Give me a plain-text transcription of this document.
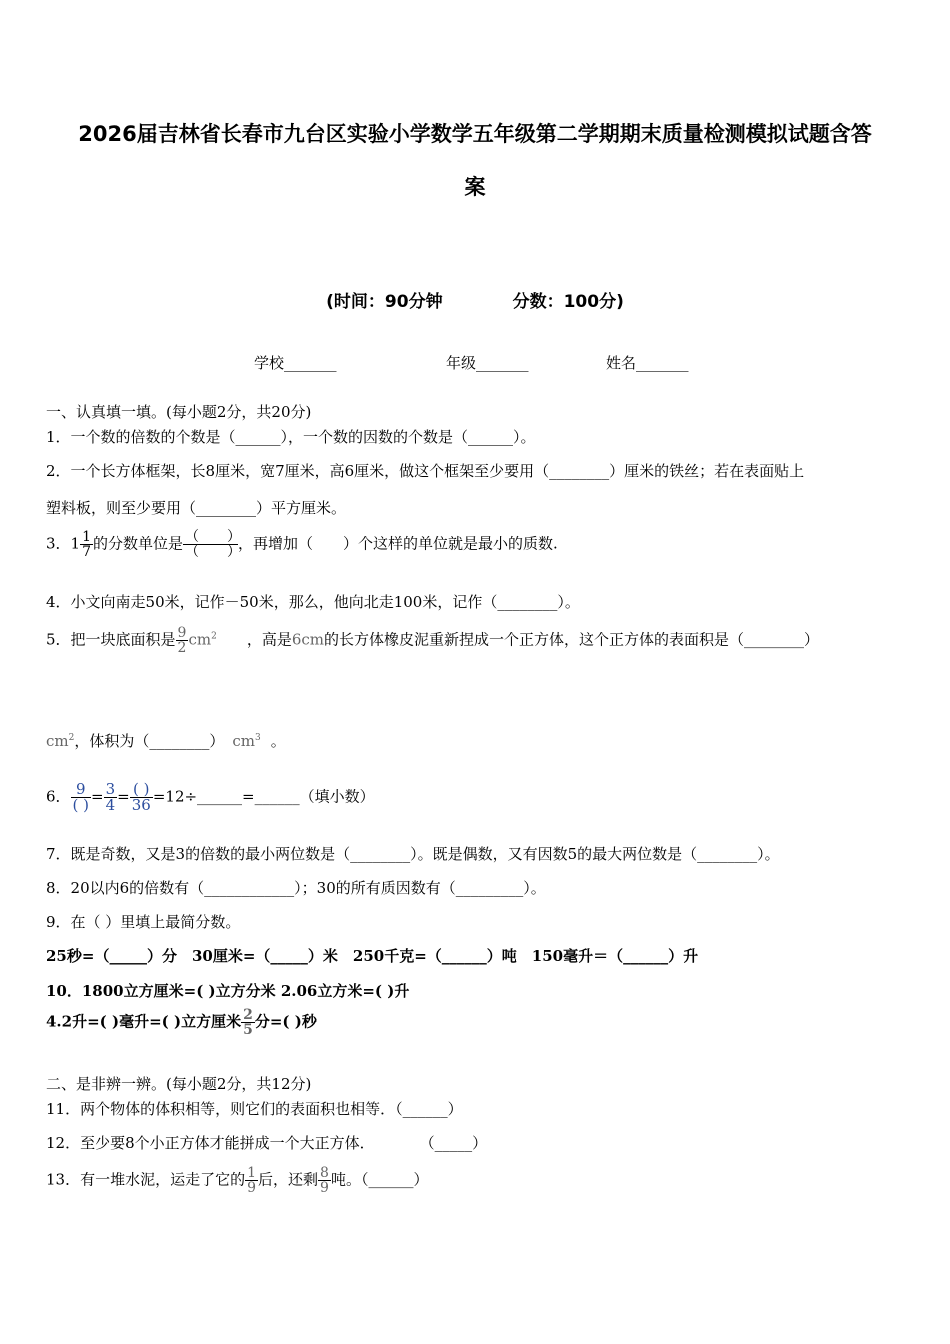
2026届吉林省长春市九台区实验小学数学五年级第二学期期末质量检测模拟试题含答
案
(时间：90分钟	分数：100分)
学校_______	年级_______	姓名_______
一、认真填一填。(每小题2分，共20分)
1．一个数的倍数的个数是（______），一个数的因数的个数是（______）。
2．一个长方体框架，长8厘米，宽7厘米，高6厘米，做这个框架至少要用（________）厘米的铁丝；若在表面贴上
塑料板，则至少要用（________）平方厘米。
3．$1 \frac{1}{7}$ 的分数单位是 $\frac{( )}{( )}$ ，再增加（　　）个这样的单位就是最小的质数.
4．小文向南走50米，记作－50米，那么，他向北走100米，记作（________）。
5．把一块底面积是 $\frac{9}{2} cm^2$ ，高是6cm的长方体橡皮泥重新捏成一个正方体，这个正方体的表面积是（________）
$cm^2$，体积为（________） $cm^3$ 。
6． $\frac{9}{( )} = \frac{3}{4} = \frac{( )}{36}$ =12÷______=______（填小数）
7．既是奇数，又是3的倍数的最小两位数是（________）。既是偶数，又有因数5的最大两位数是（________）。
8．20以内6的倍数有（____________）；30的所有质因数有（_________）。
9．在（ ）里填上最简分数。
25秒=（_____）分　30厘米=（_____）米　250千克=（______）吨　150毫升＝（______）升
10．1800立方厘米=( )立方分米 2.06立方米=( )升
4.2升=( )毫升=( )立方厘米 $\frac{2}{5}$ 分=( )秒
二、是非辨一辨。(每小题2分，共12分)
11．两个物体的体积相等，则它们的表面积也相等．（______）
12．至少要8个小正方体才能拼成一个大正方体．　　　　（_____）
13．有一堆水泥，运走了它的 $\frac{1}{9}$ 后，还剩 $\frac{8}{9}$ 吨。（______）
